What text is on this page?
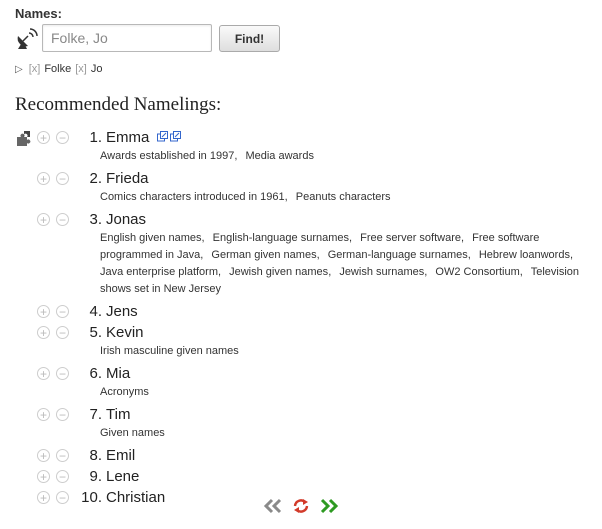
Names:
Folke, Jo
Find!
▷ [x] Folke [x] Jo
Recommended Namelings:
+ −	1. Emma
Awards established in 1997, Media awards
+ −	2. Frieda
Comics characters introduced in 1961, Peanuts characters
+ −	3. Jonas
English given names, English-language surnames, Free server software, Free software programmed in Java, German given names, German-language surnames, Hebrew loanwords, Java enterprise platform, Jewish given names, Jewish surnames, OW2 Consortium, Television shows set in New Jersey
+ −	4. Jens
+ −	5. Kevin
Irish masculine given names
+ −	6. Mia
Acronyms
+ −	7. Tim
Given names
+ −	8. Emil
+ −	9. Lene
+ −	10. Christian
